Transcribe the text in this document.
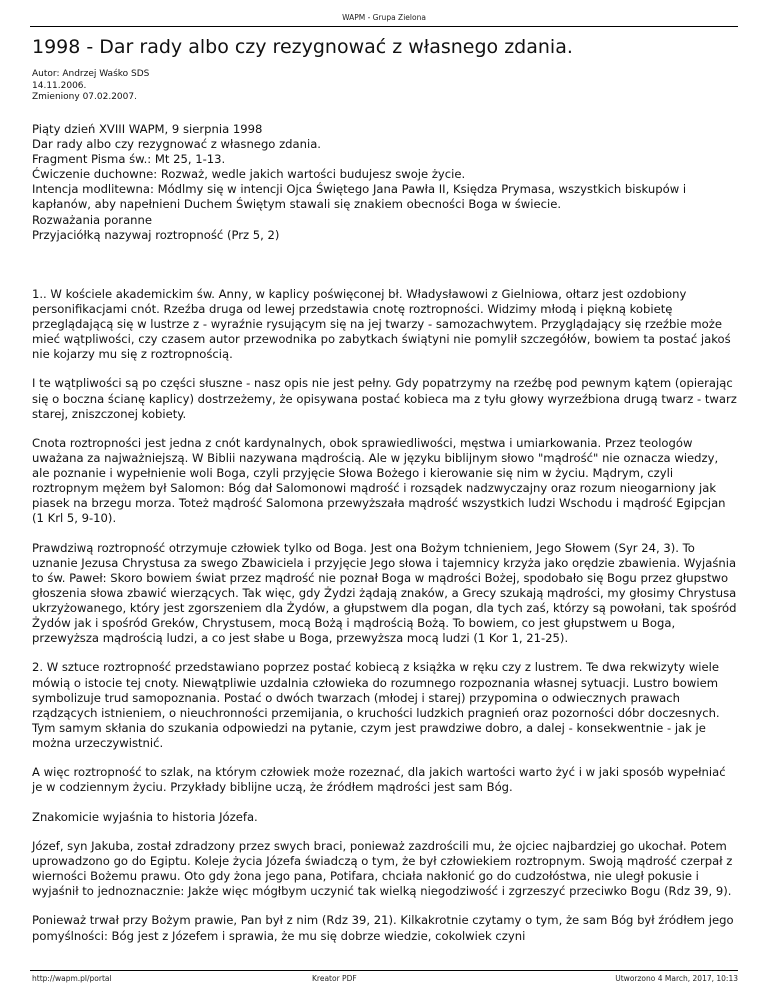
WAPM - Grupa Zielona
1998 - Dar rady albo czy rezygnować z własnego zdania.
Autor: Andrzej Waśko SDS
14.11.2006.
Zmieniony 07.02.2007.

Piąty dzień XVIII WAPM, 9 sierpnia 1998

Dar rady albo czy rezygnować z własnego zdania.

Fragment Pisma św.: Mt 25, 1-13.

Ćwiczenie duchowne: Rozważ, wedle jakich wartości budujesz swoje życie.

Intencja modlitewna: Módlmy się w intencji Ojca Świętego Jana Pawła II, Księdza Prymasa, wszystkich biskupów i kapłanów, aby napełnieni Duchem Świętym stawali się znakiem obecności Boga w świecie.

Rozważania poranne

Przyjaciółką nazywaj roztropność (Prz 5, 2)

1.. W kościele akademickim św. Anny, w kaplicy poświęconej bł. Władysławowi z Gielniowa, ołtarz jest ozdobiony personifikacjami cnót. Rzeźba druga od lewej przedstawia cnotę roztropności. Widzimy młodą i piękną kobietę przeglądającą się w lustrze z - wyraźnie rysującym się na jej twarzy - samozachwytem. Przyglądający się rzeźbie może mieć wątpliwości, czy czasem autor przewodnika po zabytkach świątyni nie pomylił szczegółów, bowiem ta postać jakoś nie kojarzy mu się z roztropnością.

I te wątpliwości są po części słuszne - nasz opis nie jest pełny. Gdy popatrzymy na rzeźbę pod pewnym kątem (opierając się o boczna ścianę kaplicy) dostrzeżemy, że opisywana postać kobieca ma z tyłu głowy wyrzeźbiona drugą twarz - twarz starej, zniszczonej kobiety.

Cnota roztropności jest jedna z cnót kardynalnych, obok sprawiedliwości, męstwa i umiarkowania. Przez teologów uważana za najważniejszą. W Biblii nazywana mądrością. Ale w języku biblijnym słowo "mądrość" nie oznacza wiedzy, ale poznanie i wypełnienie woli Boga, czyli przyjęcie Słowa Bożego i kierowanie się nim w życiu. Mądrym, czyli roztropnym mężem był Salomon: Bóg dał Salomonowi mądrość i rozsądek nadzwyczajny oraz rozum nieogarniony jak piasek na brzegu morza. Toteż mądrość Salomona przewyższała mądrość wszystkich ludzi Wschodu i mądrość Egipcjan (1 Krl 5, 9-10).

Prawdziwą roztropność otrzymuje człowiek tylko od Boga. Jest ona Bożym tchnieniem, Jego Słowem (Syr 24, 3). To uznanie Jezusa Chrystusa za swego Zbawiciela i przyjęcie Jego słowa i tajemnicy krzyża jako orędzie zbawienia. Wyjaśnia to św. Paweł: Skoro bowiem świat przez mądrość nie poznał Boga w mądrości Bożej, spodobało się Bogu przez głupstwo głoszenia słowa zbawić wierzących. Tak więc, gdy Żydzi żądają znaków, a Grecy szukają mądrości, my głosimy Chrystusa ukrzyżowanego, który jest zgorszeniem dla Żydów, a głupstwem dla pogan, dla tych zaś, którzy są powołani, tak spośród Żydów jak i spośród Greków, Chrystusem, mocą Bożą i mądrością Bożą. To bowiem, co jest głupstwem u Boga, przewyższa mądrością ludzi, a co jest słabe u Boga, przewyższa mocą ludzi (1 Kor 1, 21-25).

2. W sztuce roztropność przedstawiano poprzez postać kobiecą z książka w ręku czy z lustrem. Te dwa rekwizyty wiele mówią o istocie tej cnoty. Niewątpliwie uzdalnia człowieka do rozumnego rozpoznania własnej sytuacji. Lustro bowiem symbolizuje trud samopoznania. Postać o dwóch twarzach (młodej i starej) przypomina o odwiecznych prawach rządzących istnieniem, o nieuchronności przemijania, o kruchości ludzkich pragnień oraz pozorności dóbr doczesnych. Tym samym skłania do szukania odpowiedzi na pytanie, czym jest prawdziwe dobro, a dalej - konsekwentnie - jak je można urzeczywistnić.

A więc roztropność to szlak, na którym człowiek może rozeznać, dla jakich wartości warto żyć i w jaki sposób wypełniać je w codziennym życiu. Przykłady biblijne uczą, że źródłem mądrości jest sam Bóg.

Znakomicie wyjaśnia to historia Józefa.

Józef, syn Jakuba, został zdradzony przez swych braci, ponieważ zazdrościli mu, że ojciec najbardziej go ukochał. Potem uprowadzono go do Egiptu. Koleje życia Józefa świadczą o tym, że był człowiekiem roztropnym. Swoją mądrość czerpał z wierności Bożemu prawu. Oto gdy żona jego pana, Potifara, chciała nakłonić go do cudzołóstwa, nie uległ pokusie i wyjaśnił to jednoznacznie: Jakże więc mógłbym uczynić tak wielką niegodziwość i zgrzeszyć przeciwko Bogu (Rdz 39, 9).

Ponieważ trwał przy Bożym prawie, Pan był z nim (Rdz 39, 21). Kilkakrotnie czytamy o tym, że sam Bóg był źródłem jego pomyślności: Bóg jest z Józefem i sprawia, że mu się dobrze wiedzie, cokolwiek czyni

http://wapm.pl/portal	Kreator PDF	Utworzono 4 March, 2017, 10:13
